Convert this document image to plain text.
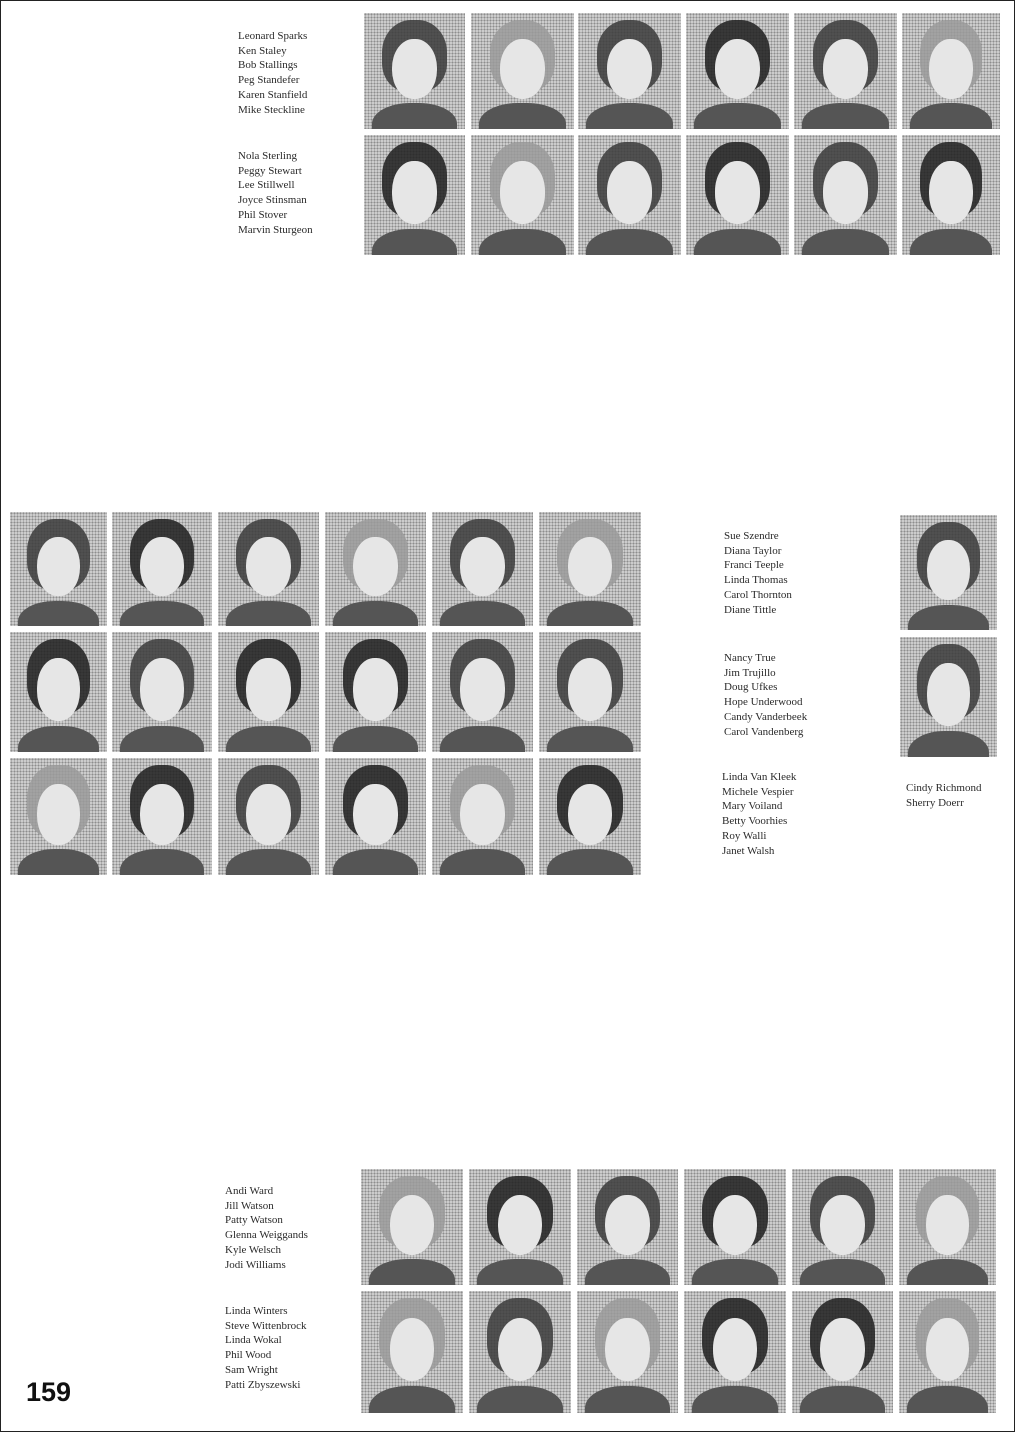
Leonard Sparks
Ken Staley
Bob Stallings
Peg Standefer
Karen Stanfield
Mike Steckline
Nola Sterling
Peggy Stewart
Lee Stillwell
Joyce Stinsman
Phil Stover
Marvin Sturgeon
Sue Szendre
Diana Taylor
Franci Teeple
Linda Thomas
Carol Thornton
Diane Tittle
Nancy True
Jim Trujillo
Doug Ufkes
Hope Underwood
Candy Vanderbeek
Carol Vandenberg
Linda Van Kleek
Michele Vespier
Mary Voiland
Betty Voorhies
Roy Walli
Janet Walsh
Cindy Richmond
Sherry Doerr
Andi Ward
Jill Watson
Patty Watson
Glenna Weiggands
Kyle Welsch
Jodi Williams
Linda Winters
Steve Wittenbrock
Linda Wokal
Phil Wood
Sam Wright
Patti Zbyszewski
159
